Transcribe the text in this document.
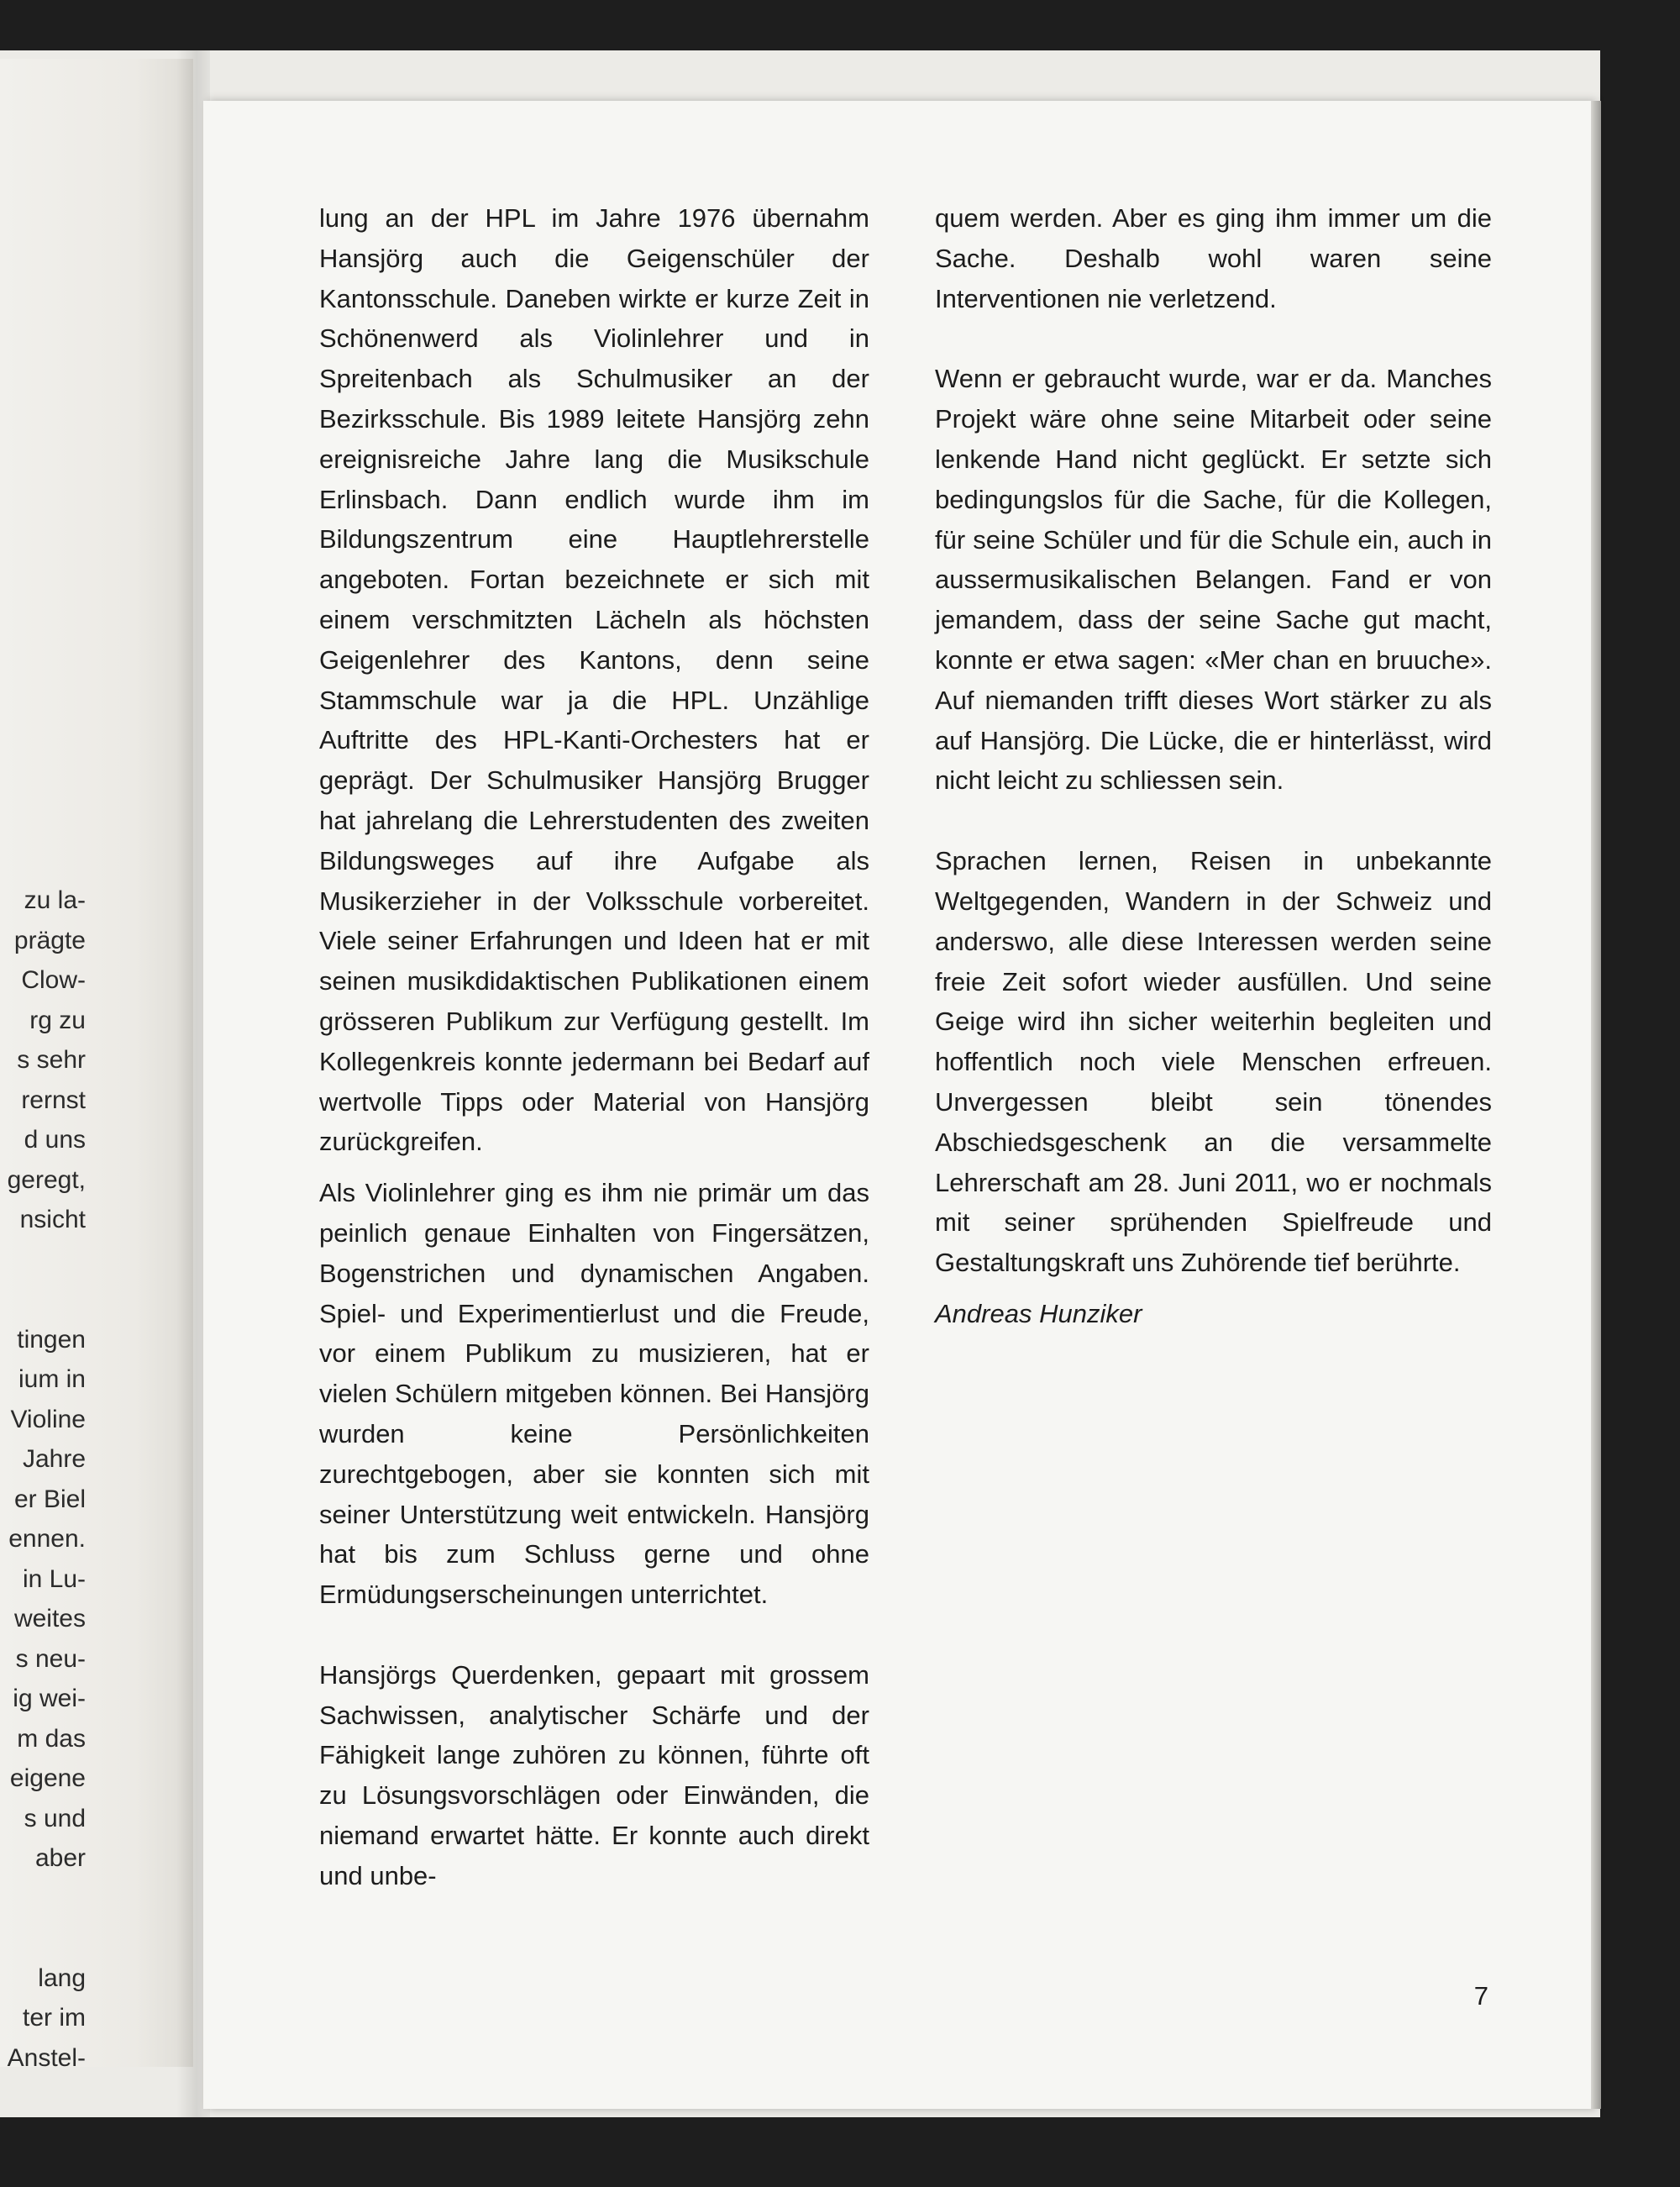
zu la-
prägte
Clow-
rg zu
s sehr
rernst
d uns
geregt,
nsicht
tingen
ium in
Violine
Jahre
er Biel
ennen.
in Lu-
weites
s neu-
ig wei-
m das
eigene
s und
aber
lang
ter im
Anstel-

lung an der HPL im Jahre 1976 übernahm Hansjörg auch die Geigenschüler der Kantonsschule. Daneben wirkte er kurze Zeit in Schönenwerd als Violinlehrer und in Spreitenbach als Schulmusiker an der Bezirksschule. Bis 1989 leitete Hansjörg zehn ereignisreiche Jahre lang die Musikschule Erlinsbach. Dann endlich wurde ihm im Bildungszentrum eine Hauptlehrerstelle angeboten. Fortan bezeichnete er sich mit einem verschmitzten Lächeln als höchsten Geigenlehrer des Kantons, denn seine Stammschule war ja die HPL. Unzählige Auftritte des HPL-Kanti-Orchesters hat er geprägt. Der Schulmusiker Hansjörg Brugger hat jahrelang die Lehrerstudenten des zweiten Bildungsweges auf ihre Aufgabe als Musikerzieher in der Volksschule vorbereitet. Viele seiner Erfahrungen und Ideen hat er mit seinen musikdidaktischen Publikationen einem grösseren Publikum zur Verfügung gestellt. Im Kollegenkreis konnte jedermann bei Bedarf auf wertvolle Tipps oder Material von Hansjörg zurückgreifen.

Als Violinlehrer ging es ihm nie primär um das peinlich genaue Einhalten von Fingersätzen, Bogenstrichen und dynamischen Angaben. Spiel- und Experimentierlust und die Freude, vor einem Publikum zu musizieren, hat er vielen Schülern mitgeben können. Bei Hansjörg wurden keine Persönlichkeiten zurechtgebogen, aber sie konnten sich mit seiner Unterstützung weit entwickeln. Hansjörg hat bis zum Schluss gerne und ohne Ermüdungserscheinungen unterrichtet.

Hansjörgs Querdenken, gepaart mit grossem Sachwissen, analytischer Schärfe und der Fähigkeit lange zuhören zu können, führte oft zu Lösungsvorschlägen oder Einwänden, die niemand erwartet hätte. Er konnte auch direkt und unbe-

quem werden. Aber es ging ihm immer um die Sache. Deshalb wohl waren seine Interventionen nie verletzend.

Wenn er gebraucht wurde, war er da. Manches Projekt wäre ohne seine Mitarbeit oder seine lenkende Hand nicht geglückt. Er setzte sich bedingungslos für die Sache, für die Kollegen, für seine Schüler und für die Schule ein, auch in aussermusikalischen Belangen. Fand er von jemandem, dass der seine Sache gut macht, konnte er etwa sagen: «Mer chan en bruuche». Auf niemanden trifft dieses Wort stärker zu als auf Hansjörg. Die Lücke, die er hinterlässt, wird nicht leicht zu schliessen sein.

Sprachen lernen, Reisen in unbekannte Weltgegenden, Wandern in der Schweiz und anderswo, alle diese Interessen werden seine freie Zeit sofort wieder ausfüllen. Und seine Geige wird ihn sicher weiterhin begleiten und hoffentlich noch viele Menschen erfreuen. Unvergessen bleibt sein tönendes Abschiedsgeschenk an die versammelte Lehrerschaft am 28. Juni 2011, wo er nochmals mit seiner sprühenden Spielfreude und Gestaltungskraft uns Zuhörende tief berührte.

Andreas Hunziker

7
